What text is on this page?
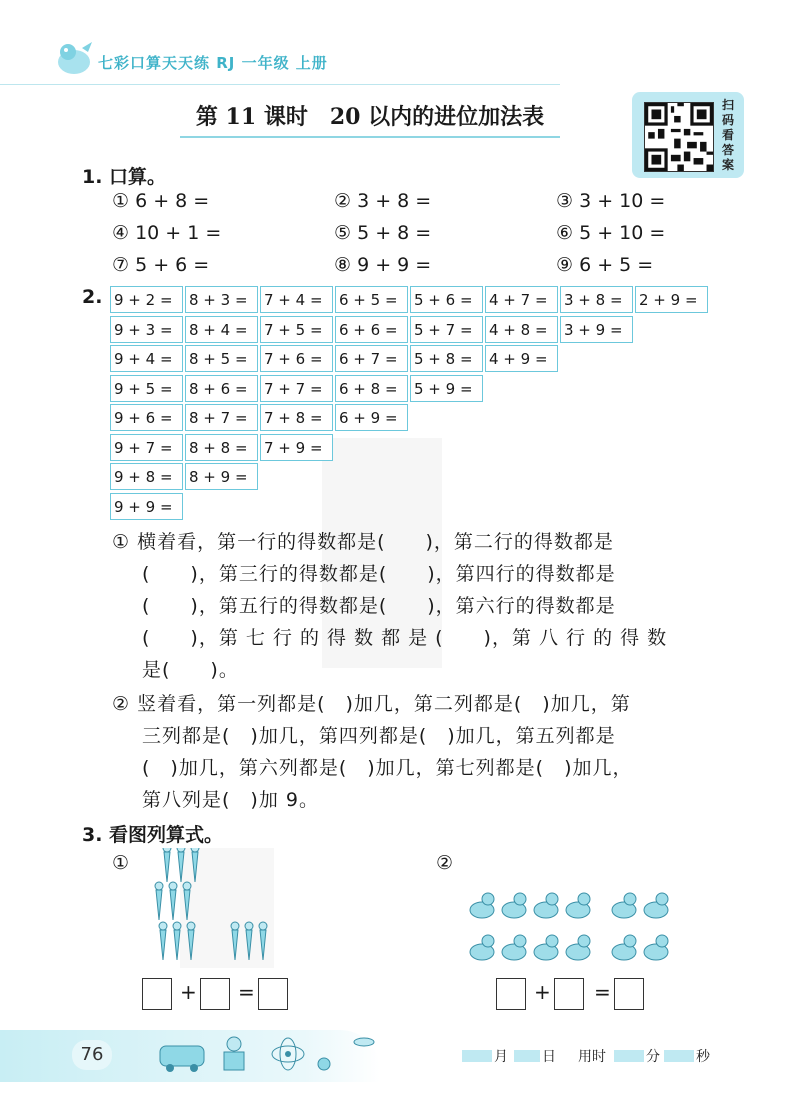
七彩口算天天练 RJ 一年级 上册
第 11 课时　20 以内的进位加法表	扫
码
看
答
案
1. 口算。
① 6 + 8 =	② 3 + 8 =	③ 3 + 10 =
④ 10 + 1 =	⑤ 5 + 8 =	⑥ 5 + 10 =
⑦ 5 + 6 =	⑧ 9 + 9 =	⑨ 6 + 5 =
2. 9 + 2 =	8 + 3 =	7 + 4 =	6 + 5 =	5 + 6 =	4 + 7 =	3 + 8 =	2 + 9 =
9 + 3 =	8 + 4 =	7 + 5 =	6 + 6 =	5 + 7 =	4 + 8 =	3 + 9 =
9 + 4 =	8 + 5 =	7 + 6 =	6 + 7 =	5 + 8 =	4 + 9 =
9 + 5 =	8 + 6 =	7 + 7 =	6 + 8 =	5 + 9 =
9 + 6 =	8 + 7 =	7 + 8 =	6 + 9 =
9 + 7 =	8 + 8 =	7 + 9 =
9 + 8 =	8 + 9 =
9 + 9 =
① 横着看，第一行的得数都是(　　)，第二行的得数都是
(　　)，第三行的得数都是(　　)，第四行的得数都是
(　　)，第五行的得数都是(　　)，第六行的得数都是
(　　)，第 七 行 的 得 数 都 是 (　　)，第 八 行 的 得 数
是(　　)。
② 竖着看，第一列都是(　)加几，第二列都是(　)加几，第
三列都是(　)加几，第四列都是(　)加几，第五列都是
(　)加几，第六列都是(　)加几，第七列都是(　)加几，
第八列是(　)加 9。
3. 看图列算式。
①	②
+ =	+ =
76	月 日 用时	分	秒
